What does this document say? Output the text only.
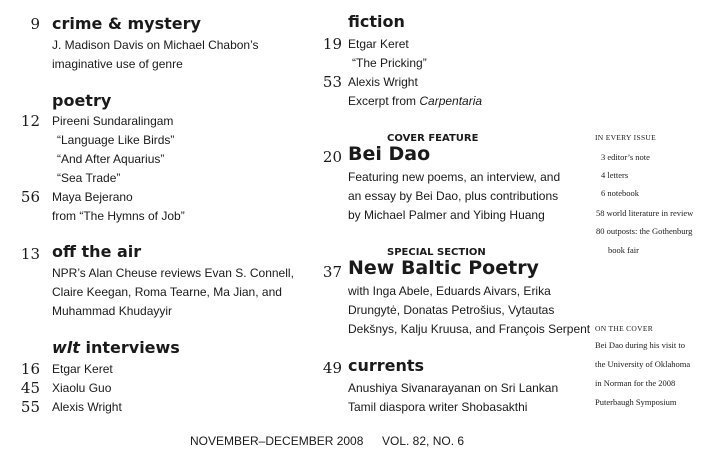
9 crime & mystery
J. Madison Davis on Michael Chabon’s
imaginative use of genre
poetry
12 Pireeni Sundaralingam
“Language Like Birds”
“And After Aquarius”
“Sea Trade”
56 Maya Bejerano
from “The Hymns of Job”
13 off the air
NPR’s Alan Cheuse reviews Evan S. Connell,
Claire Keegan, Roma Tearne, Ma Jian, and
Muhammad Khudayyir
wlt interviews
16 Etgar Keret
45 Xiaolu Guo
55 Alexis Wright
fiction
19 Etgar Keret
“The Pricking”
53 Alexis Wright
Excerpt from Carpentaria
COVER FEATURE
20 Bei Dao
Featuring new poems, an interview, and
an essay by Bei Dao, plus contributions
by Michael Palmer and Yibing Huang
SPECIAL SECTION
37 New Baltic Poetry
with Inga Abele, Eduards Aivars, Erika
Drungytė, Donatas Petrošius, Vytautas
Dekšnys, Kalju Kruusa, and François Serpent
49 currents
Anushiya Sivanarayanan on Sri Lankan
Tamil diaspora writer Shobasakthi
IN EVERY ISSUE
3 editor’s note
4 letters
6 notebook
58 world literature in review
80 outposts: the Gothenburg
book fair
ON THE COVER
Bei Dao during his visit to
the University of Oklahoma
in Norman for the 2008
Puterbaugh Symposium
NOVEMBER–DECEMBER 2008 VOL. 82, NO. 6
